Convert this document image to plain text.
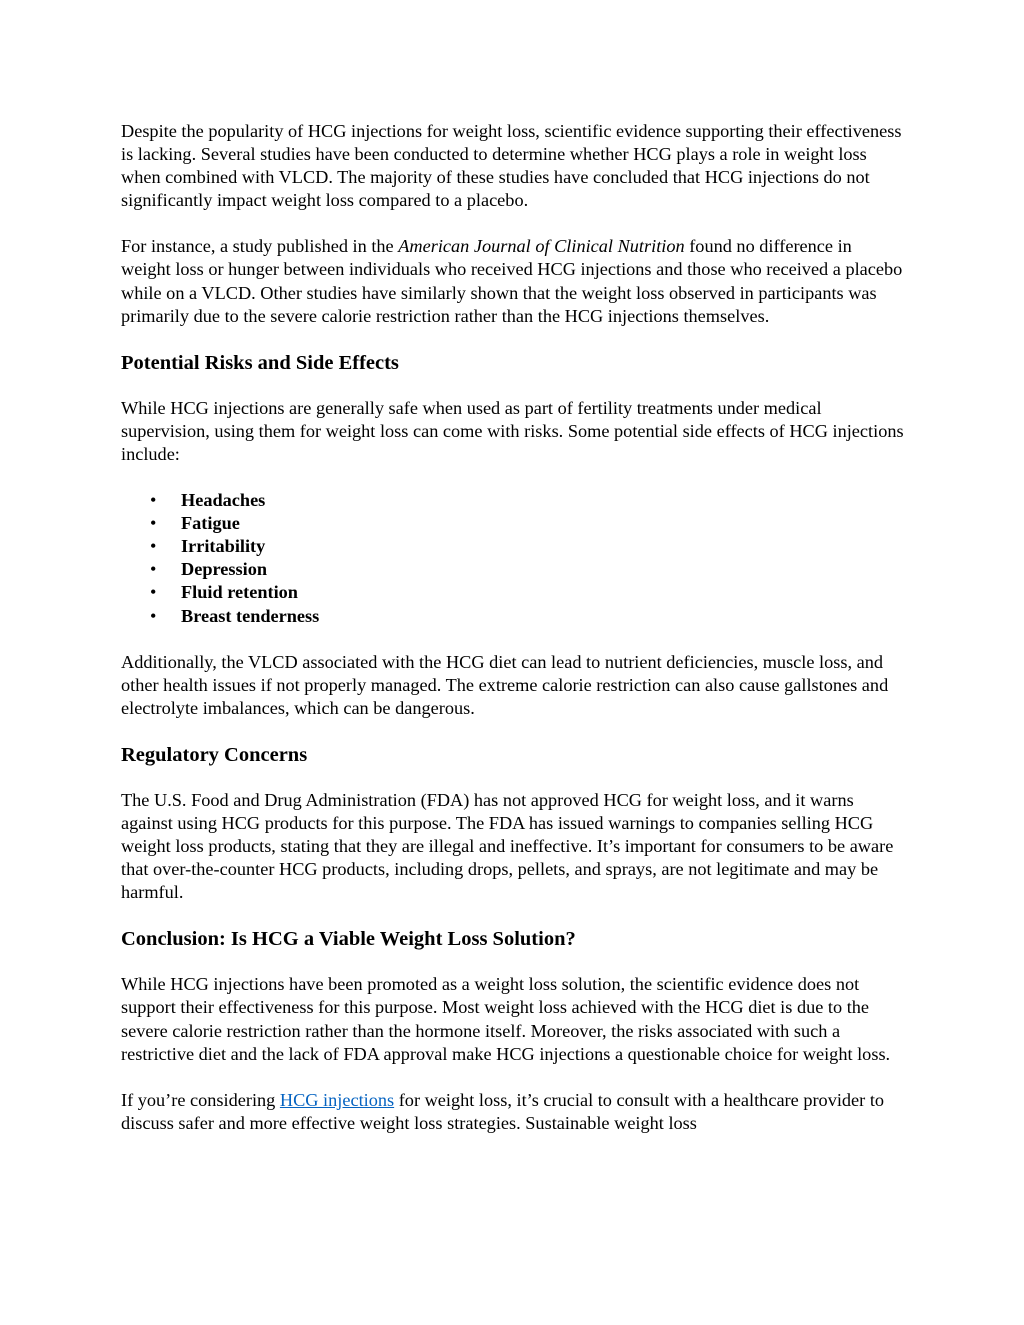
Despite the popularity of HCG injections for weight loss, scientific evidence supporting their effectiveness is lacking. Several studies have been conducted to determine whether HCG plays a role in weight loss when combined with VLCD. The majority of these studies have concluded that HCG injections do not significantly impact weight loss compared to a placebo.

For instance, a study published in the American Journal of Clinical Nutrition found no difference in weight loss or hunger between individuals who received HCG injections and those who received a placebo while on a VLCD. Other studies have similarly shown that the weight loss observed in participants was primarily due to the severe calorie restriction rather than the HCG injections themselves.

Potential Risks and Side Effects

While HCG injections are generally safe when used as part of fertility treatments under medical supervision, using them for weight loss can come with risks. Some potential side effects of HCG injections include:

• Headaches
• Fatigue
• Irritability
• Depression
• Fluid retention
• Breast tenderness

Additionally, the VLCD associated with the HCG diet can lead to nutrient deficiencies, muscle loss, and other health issues if not properly managed. The extreme calorie restriction can also cause gallstones and electrolyte imbalances, which can be dangerous.

Regulatory Concerns

The U.S. Food and Drug Administration (FDA) has not approved HCG for weight loss, and it warns against using HCG products for this purpose. The FDA has issued warnings to companies selling HCG weight loss products, stating that they are illegal and ineffective. It’s important for consumers to be aware that over-the-counter HCG products, including drops, pellets, and sprays, are not legitimate and may be harmful.

Conclusion: Is HCG a Viable Weight Loss Solution?

While HCG injections have been promoted as a weight loss solution, the scientific evidence does not support their effectiveness for this purpose. Most weight loss achieved with the HCG diet is due to the severe calorie restriction rather than the hormone itself. Moreover, the risks associated with such a restrictive diet and the lack of FDA approval make HCG injections a questionable choice for weight loss.

If you’re considering HCG injections for weight loss, it’s crucial to consult with a healthcare provider to discuss safer and more effective weight loss strategies. Sustainable weight loss
